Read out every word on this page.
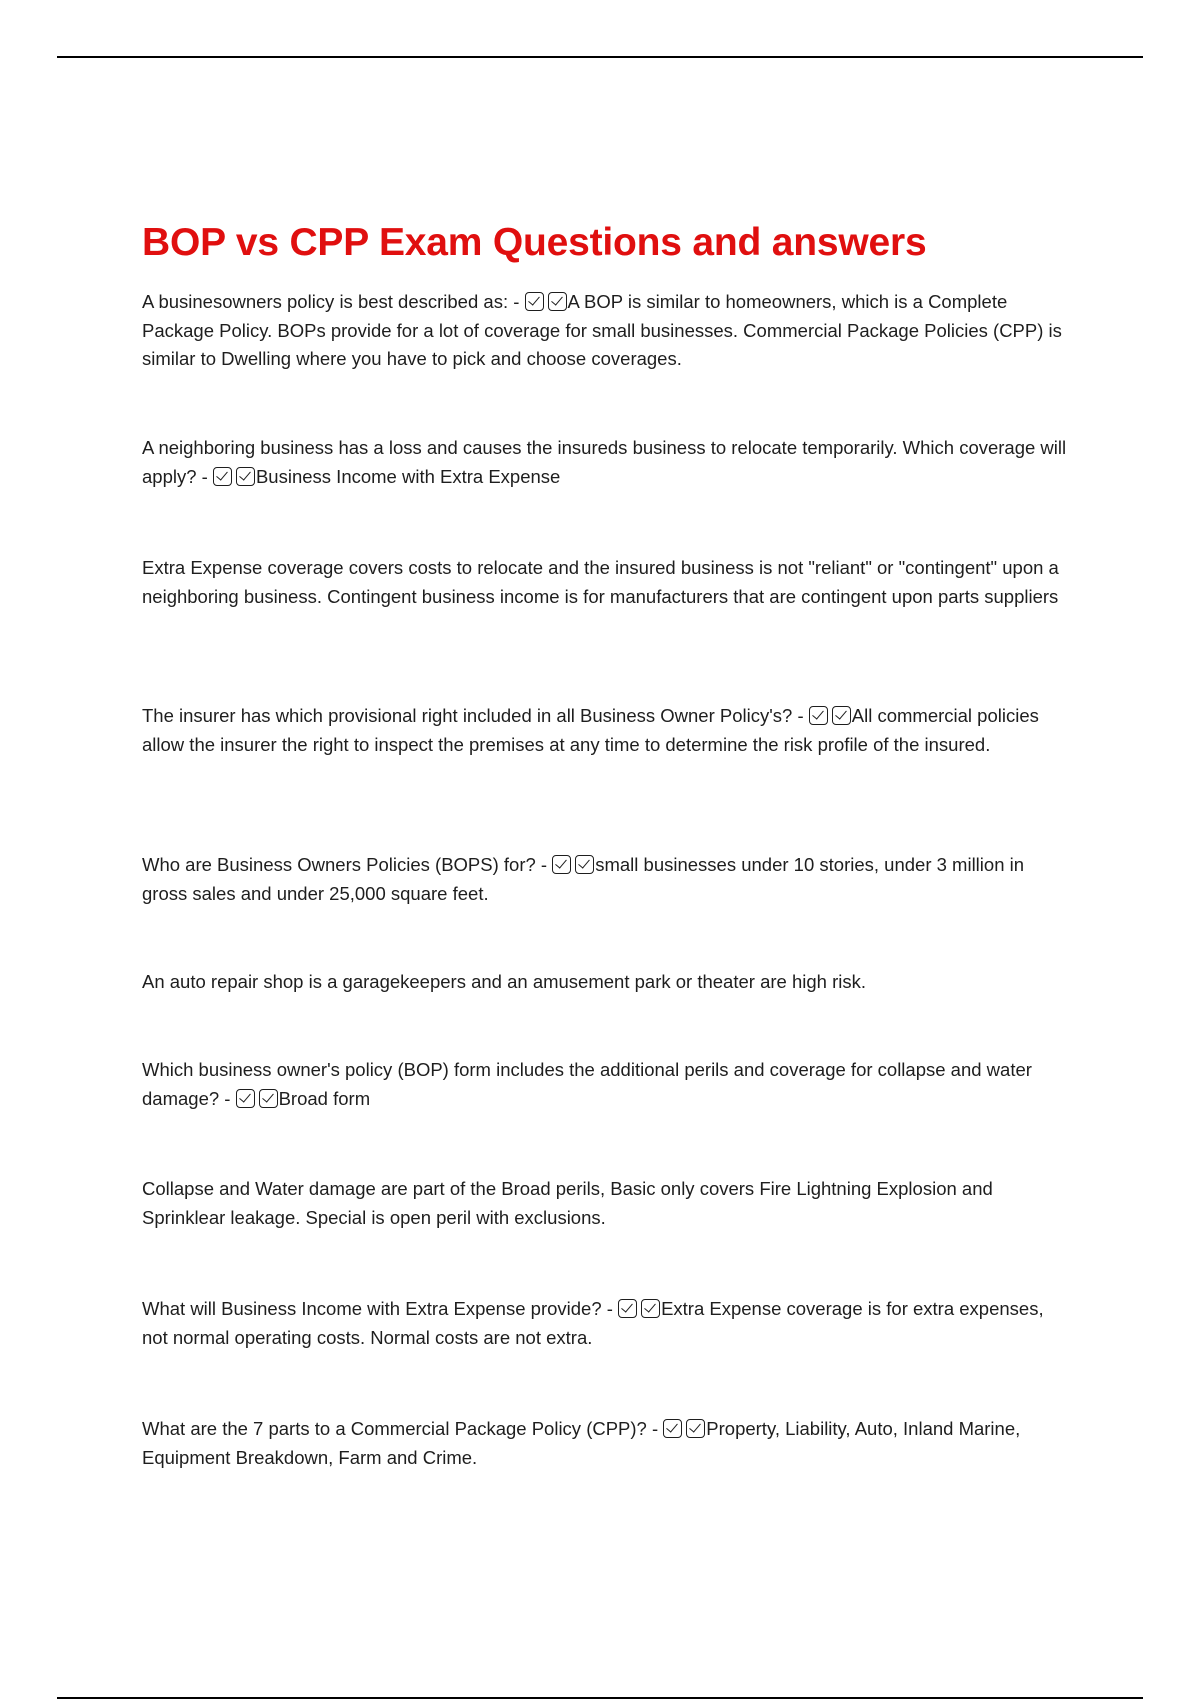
BOP vs CPP Exam Questions and answers

A businesowners policy is best described as: -	A BOP is similar to homeowners, which is a Complete Package Policy. BOPs provide for a lot of coverage for small businesses. Commercial Package Policies (CPP) is similar to Dwelling where you have to pick and choose coverages.

A neighboring business has a loss and causes the insureds business to relocate temporarily. Which coverage will apply? -	Business Income with Extra Expense

Extra Expense coverage covers costs to relocate and the insured business is not "reliant" or "contingent" upon a neighboring business. Contingent business income is for manufacturers that are contingent upon parts suppliers

The insurer has which provisional right included in all Business Owner Policy's? -	All commercial policies allow the insurer the right to inspect the premises at any time to determine the risk profile of the insured.

Who are Business Owners Policies (BOPS) for? -	small businesses under 10 stories, under 3 million in gross sales and under 25,000 square feet.

An auto repair shop is a garagekeepers and an amusement park or theater are high risk.

Which business owner's policy (BOP) form includes the additional perils and coverage for collapse and water damage? -	Broad form

Collapse and Water damage are part of the Broad perils, Basic only covers Fire Lightning Explosion and Sprinklear leakage. Special is open peril with exclusions.

What will Business Income with Extra Expense provide? -	Extra Expense coverage is for extra expenses, not normal operating costs. Normal costs are not extra.

What are the 7 parts to a Commercial Package Policy (CPP)? -	Property, Liability, Auto, Inland Marine, Equipment Breakdown, Farm and Crime.
